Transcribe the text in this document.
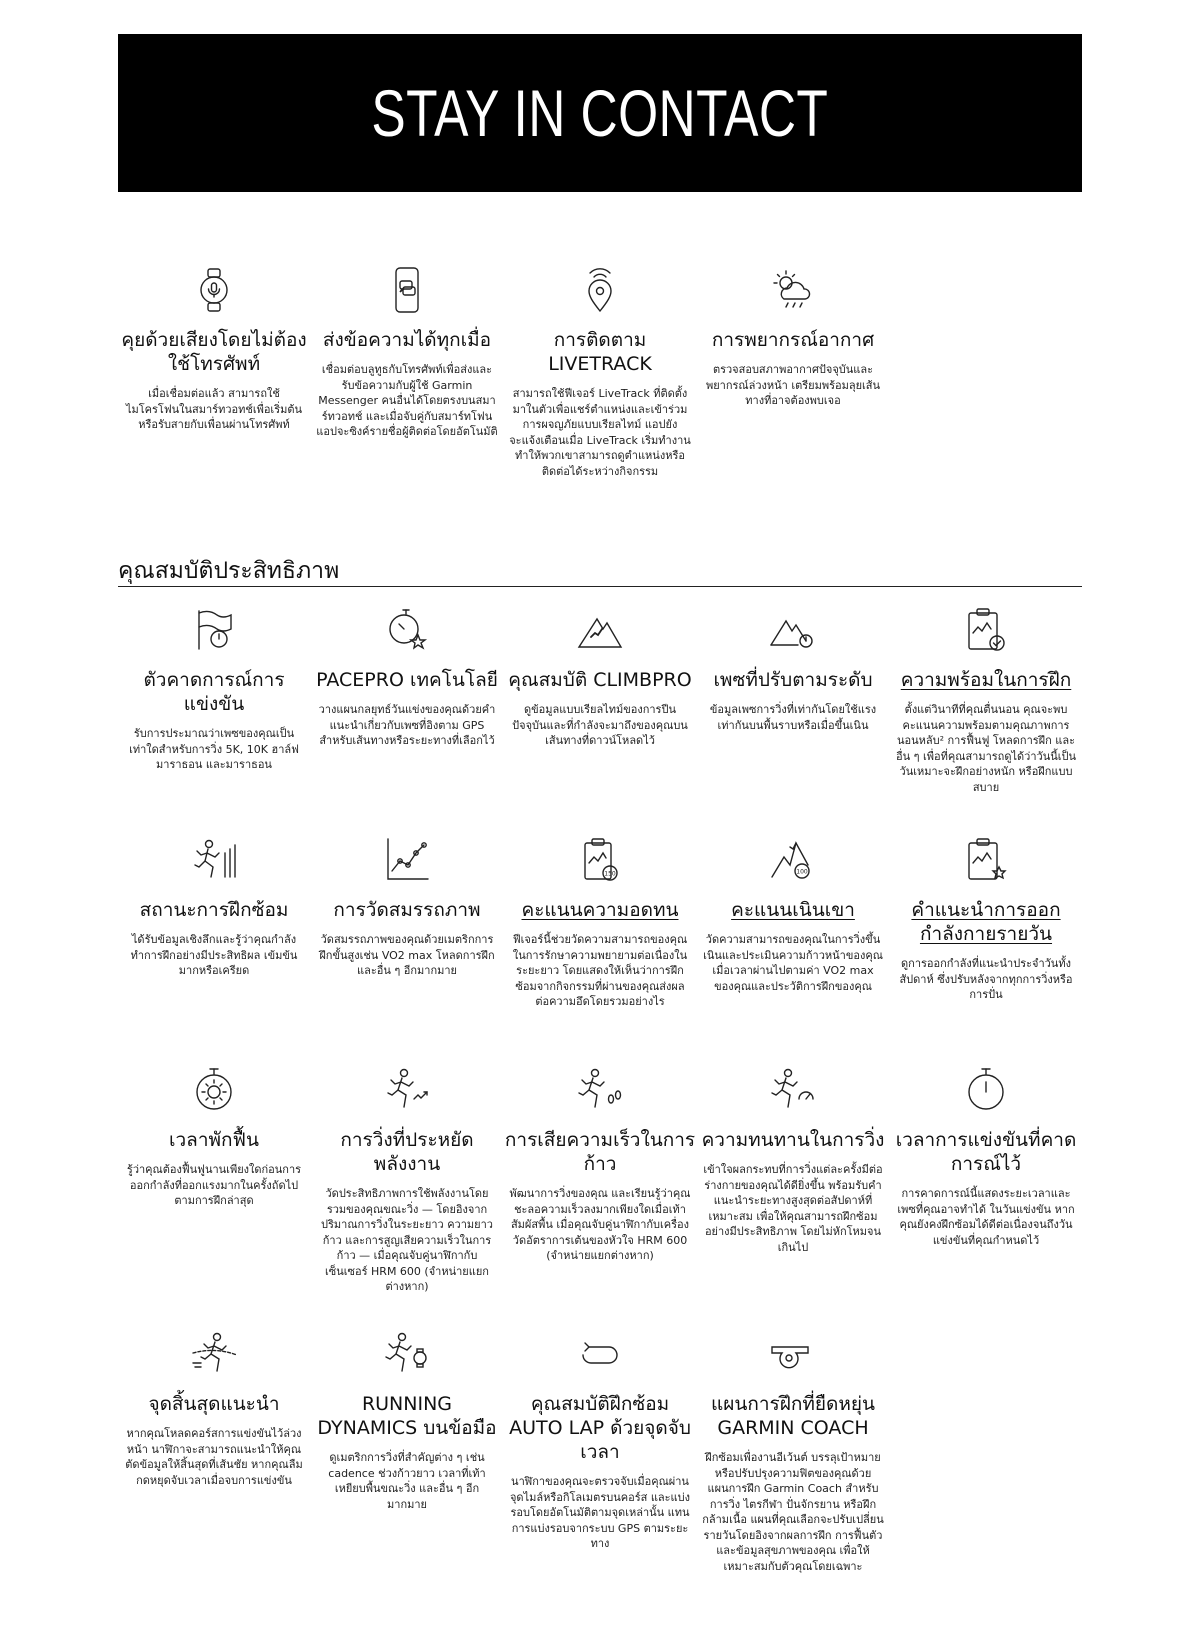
STAY IN CONTACT
คุยด้วยเสียงโดยไม่ต้องใช้โทรศัพท์
เมื่อเชื่อมต่อแล้ว สามารถใช้ไมโครโฟนในสมาร์ทวอทช์เพื่อเริ่มต้นหรือรับสายกับเพื่อนผ่านโทรศัพท์
ส่งข้อความได้ทุกเมื่อ
เชื่อมต่อบลูทูธกับโทรศัพท์เพื่อส่งและรับข้อความกับผู้ใช้ Garmin Messenger คนอื่นได้โดยตรงบนสมาร์ทวอทช์ และเมื่อจับคู่กับสมาร์ทโฟน แอปจะซิงค์รายชื่อผู้ติดต่อโดยอัตโนมัติ
การติดตาม LIVETRACK
สามารถใช้ฟีเจอร์ LiveTrack ที่ติดตั้งมาในตัวเพื่อแชร์ตำแหน่งและเข้าร่วมการผจญภัยแบบเรียลไทม์ แอปยังจะแจ้งเตือนเมื่อ LiveTrack เริ่มทำงาน ทำให้พวกเขาสามารถดูตำแหน่งหรือ ติดต่อได้ระหว่างกิจกรรม
การพยากรณ์อากาศ
ตรวจสอบสภาพอากาศปัจจุบันและพยากรณ์ล่วงหน้า เตรียมพร้อมลุยเส้นทางที่อาจต้องพบเจอ
คุณสมบัติประสิทธิภาพ
ตัวคาดการณ์การแข่งขัน
รับการประมาณว่าเพซของคุณเป็นเท่าใดสำหรับการวิ่ง 5K, 10K ฮาล์ฟมาราธอน และมาราธอน
PACEPRO เทคโนโลยี
วางแผนกลยุทธ์วันแข่งของคุณด้วยคำแนะนำเกี่ยวกับเพซที่อิงตาม GPS สำหรับเส้นทางหรือระยะทางที่เลือกไว้
คุณสมบัติ CLIMBPRO
ดูข้อมูลแบบเรียลไทม์ของการปีนปัจจุบันและที่กำลังจะมาถึงของคุณบนเส้นทางที่ดาวน์โหลดไว้
เพซที่ปรับตามระดับ
ข้อมูลเพซการวิ่งที่เท่ากันโดยใช้แรงเท่ากันบนพื้นราบหรือเมื่อขึ้นเนิน
ความพร้อมในการฝึก
ตั้งแต่วินาทีที่คุณตื่นนอน คุณจะพบคะแนนความพร้อมตามคุณภาพการนอนหลับ² การฟื้นฟู โหลดการฝึก และอื่น ๆ เพื่อที่คุณสามารถดูได้ว่าวันนี้เป็นวันเหมาะจะฝึกอย่างหนัก หรือฝึกแบบสบาย
สถานะการฝึกซ้อม
ได้รับข้อมูลเชิงลึกและรู้ว่าคุณกำลังทำการฝึกอย่างมีประสิทธิผล เข้มข้นมากหรือเครียด
การวัดสมรรถภาพ
วัดสมรรถภาพของคุณด้วยเมตริกการฝึกขั้นสูงเช่น VO2 max โหลดการฝึก และอื่น ๆ อีกมากมาย
150
คะแนนความอดทน
ฟีเจอร์นี้ช่วยวัดความสามารถของคุณในการรักษาความพยายามต่อเนื่องในระยะยาว โดยแสดงให้เห็นว่าการฝึกซ้อมจากกิจกรรมที่ผ่านของคุณส่งผลต่อความอึดโดยรวมอย่างไร
100
คะแนนเนินเขา
วัดความสามารถของคุณในการวิ่งขึ้นเนินและประเมินความก้าวหน้าของคุณเมื่อเวลาผ่านไปตามค่า VO2 max ของคุณและประวัติการฝึกของคุณ
คำแนะนำการออกกำลังกายรายวัน
ดูการออกกำลังที่แนะนำประจำวันทั้งสัปดาห์ ซึ่งปรับหลังจากทุกการวิ่งหรือการปั่น
เวลาพักฟื้น
รู้ว่าคุณต้องฟื้นฟูนานเพียงใดก่อนการออกกำลังที่ออกแรงมากในครั้งถัดไป ตามการฝึกล่าสุด
การวิ่งที่ประหยัดพลังงาน
วัดประสิทธิภาพการใช้พลังงานโดยรวมของคุณขณะวิ่ง — โดยอิงจากปริมาณการวิ่งในระยะยาว ความยาวก้าว และการสูญเสียความเร็วในการก้าว — เมื่อคุณจับคู่นาฬิกากับเซ็นเซอร์ HRM 600 (จำหน่ายแยกต่างหาก)
การเสียความเร็วในการก้าว
พัฒนาการวิ่งของคุณ และเรียนรู้ว่าคุณชะลอความเร็วลงมากเพียงใดเมื่อเท้าสัมผัสพื้น เมื่อคุณจับคู่นาฬิกากับเครื่องวัดอัตราการเต้นของหัวใจ HRM 600 (จำหน่ายแยกต่างหาก)
ความทนทานในการวิ่ง
เข้าใจผลกระทบที่การวิ่งแต่ละครั้งมีต่อร่างกายของคุณได้ดียิ่งขึ้น พร้อมรับคำแนะนำระยะทางสูงสุดต่อสัปดาห์ที่เหมาะสม เพื่อให้คุณสามารถฝึกซ้อมอย่างมีประสิทธิภาพ โดยไม่หักโหมจนเกินไป
เวลาการแข่งขันที่คาดการณ์ไว้
การคาดการณ์นี้แสดงระยะเวลาและเพซที่คุณอาจทำได้ ในวันแข่งขัน หากคุณยังคงฝึกซ้อมได้ดีต่อเนื่องจนถึงวันแข่งขันที่คุณกำหนดไว้
จุดสิ้นสุดแนะนำ
หากคุณโหลดคอร์สการแข่งขันไว้ล่วงหน้า นาฬิกาจะสามารถแนะนำให้คุณตัดข้อมูลให้สิ้นสุดที่เส้นชัย หากคุณลืมกดหยุดจับเวลาเมื่อจบการแข่งขัน
RUNNING DYNAMICS บนข้อมือ
ดูเมตริกการวิ่งที่สำคัญต่าง ๆ เช่น cadence ช่วงก้าวยาว เวลาที่เท้าเหยียบพื้นขณะวิ่ง และอื่น ๆ อีกมากมาย
คุณสมบัติฝึกซ้อม AUTO LAP ด้วยจุดจับเวลา
นาฬิกาของคุณจะตรวจจับเมื่อคุณผ่านจุดไมล์หรือกิโลเมตรบนคอร์ส และแบ่งรอบโดยอัตโนมัติตามจุดเหล่านั้น แทนการแบ่งรอบจากระบบ GPS ตามระยะทาง
แผนการฝึกที่ยืดหยุ่น GARMIN COACH
ฝึกซ้อมเพื่องานอีเว้นต์ บรรลุเป้าหมาย หรือปรับปรุงความฟิตของคุณด้วยแผนการฝึก Garmin Coach สำหรับการวิ่ง ไตรกีฬา ปั่นจักรยาน หรือฝึกกล้ามเนื้อ แผนที่คุณเลือกจะปรับเปลี่ยนรายวันโดยอิงจากผลการฝึก การฟื้นตัว และข้อมูลสุขภาพของคุณ เพื่อให้เหมาะสมกับตัวคุณโดยเฉพาะ
